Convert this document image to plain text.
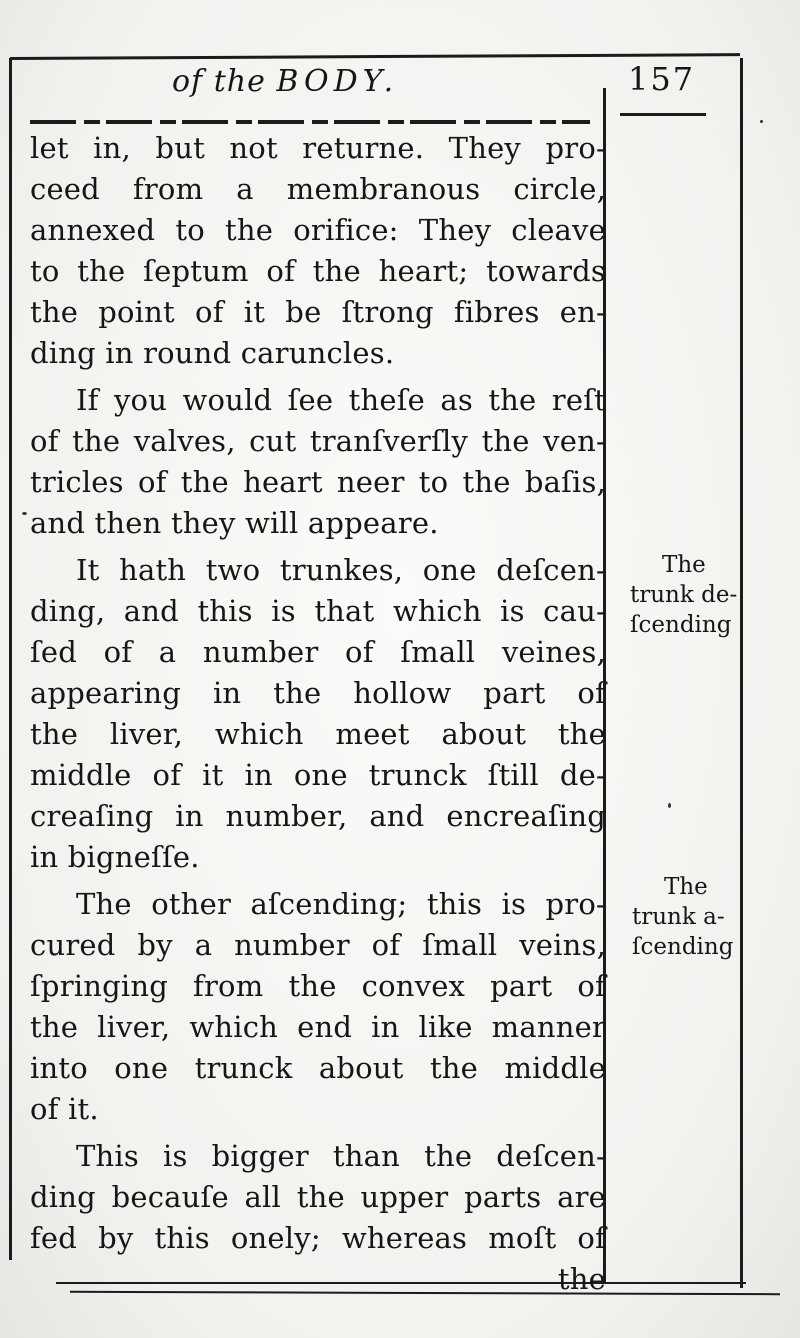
of the BODY.	157
let in, but not returne. They pro-
ceed from a membranous circle,
annexed to the orifice: They cleave
to the ſeptum of the heart; towards
the point of it be ſtrong fibres en-
ding in round caruncles.
If you would ſee theſe as the reſt
of the valves, cut tranſverſly the ven-
tricles of the heart neer to the baſis,
and then they will appeare.
It hath two trunkes, one deſcen-
ding, and this is that which is cau-
ſed of a number of ſmall veines,
appearing in the hollow part of
the liver, which meet about the
middle of it in one trunck ſtill de-
creaſing in number, and encreaſing
in bigneſſe.
The other aſcending; this is pro-
cured by a number of ſmall veins,
ſpringing from the convex part of
the liver, which end in like manner
into one trunck about the middle
of it.
This is bigger than the deſcen-
ding becauſe all the upper parts are
fed by this onely; whereas moſt of
the
The
trunk de-
ſcending
The
trunk a-
ſcending
